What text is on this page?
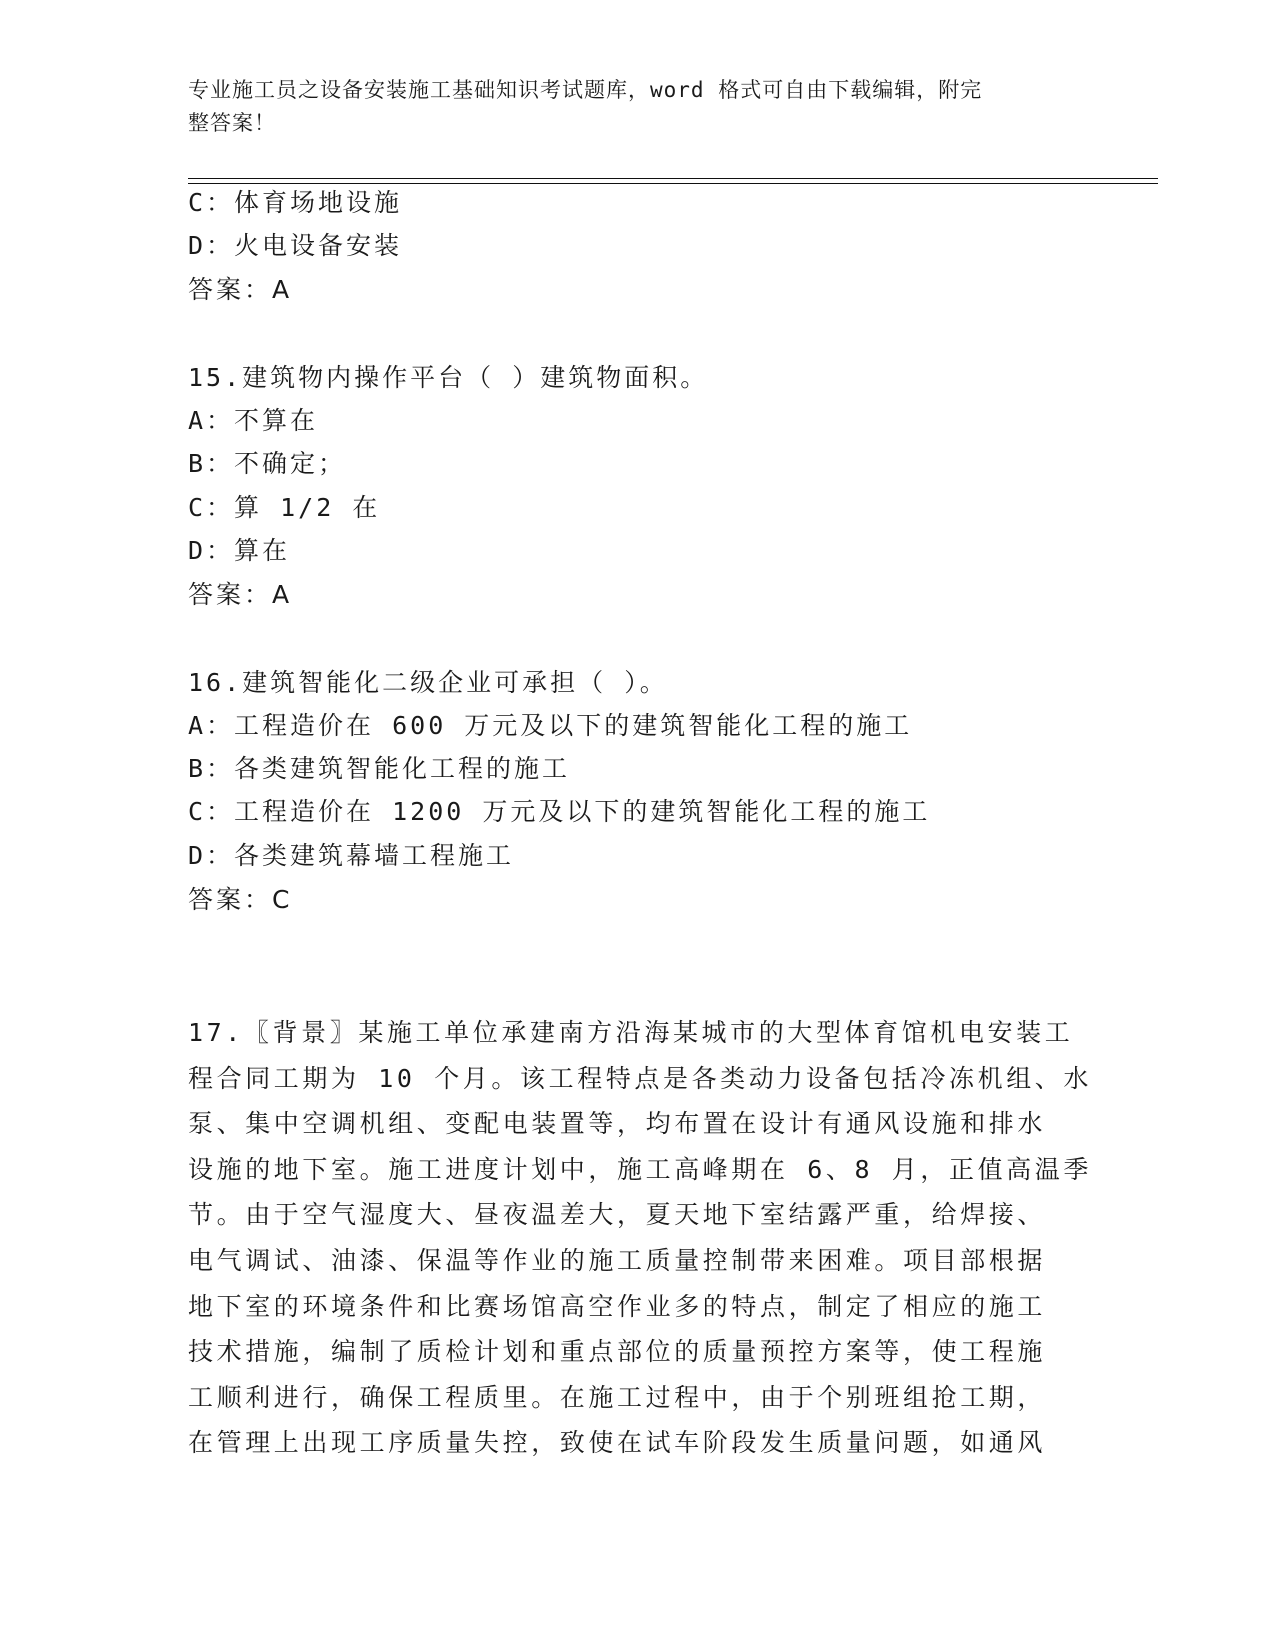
专业施工员之设备安装施工基础知识考试题库，word 格式可自由下载编辑，附完
整答案！
C：体育场地设施
D：火电设备安装
答案：A
15.建筑物内操作平台（ ）建筑物面积。
A：不算在
B：不确定；
C：算 1/2 在
D：算在
答案：A
16.建筑智能化二级企业可承担（ ）。
A：工程造价在 600 万元及以下的建筑智能化工程的施工
B：各类建筑智能化工程的施工
C：工程造价在 1200 万元及以下的建筑智能化工程的施工
D：各类建筑幕墙工程施工
答案：C
17.〖背景〗某施工单位承建南方沿海某城市的大型体育馆机电安装工
程合同工期为 10 个月。该工程特点是各类动力设备包括冷冻机组、水
泵、集中空调机组、变配电装置等，均布置在设计有通风设施和排水
设施的地下室。施工进度计划中，施工高峰期在 6、8 月，正值高温季
节。由于空气湿度大、昼夜温差大，夏天地下室结露严重，给焊接、
电气调试、油漆、保温等作业的施工质量控制带来困难。项目部根据
地下室的环境条件和比赛场馆高空作业多的特点，制定了相应的施工
技术措施，编制了质检计划和重点部位的质量预控方案等，使工程施
工顺利进行，确保工程质里。在施工过程中，由于个别班组抢工期，
在管理上出现工序质量失控，致使在试车阶段发生质量问题，如通风
